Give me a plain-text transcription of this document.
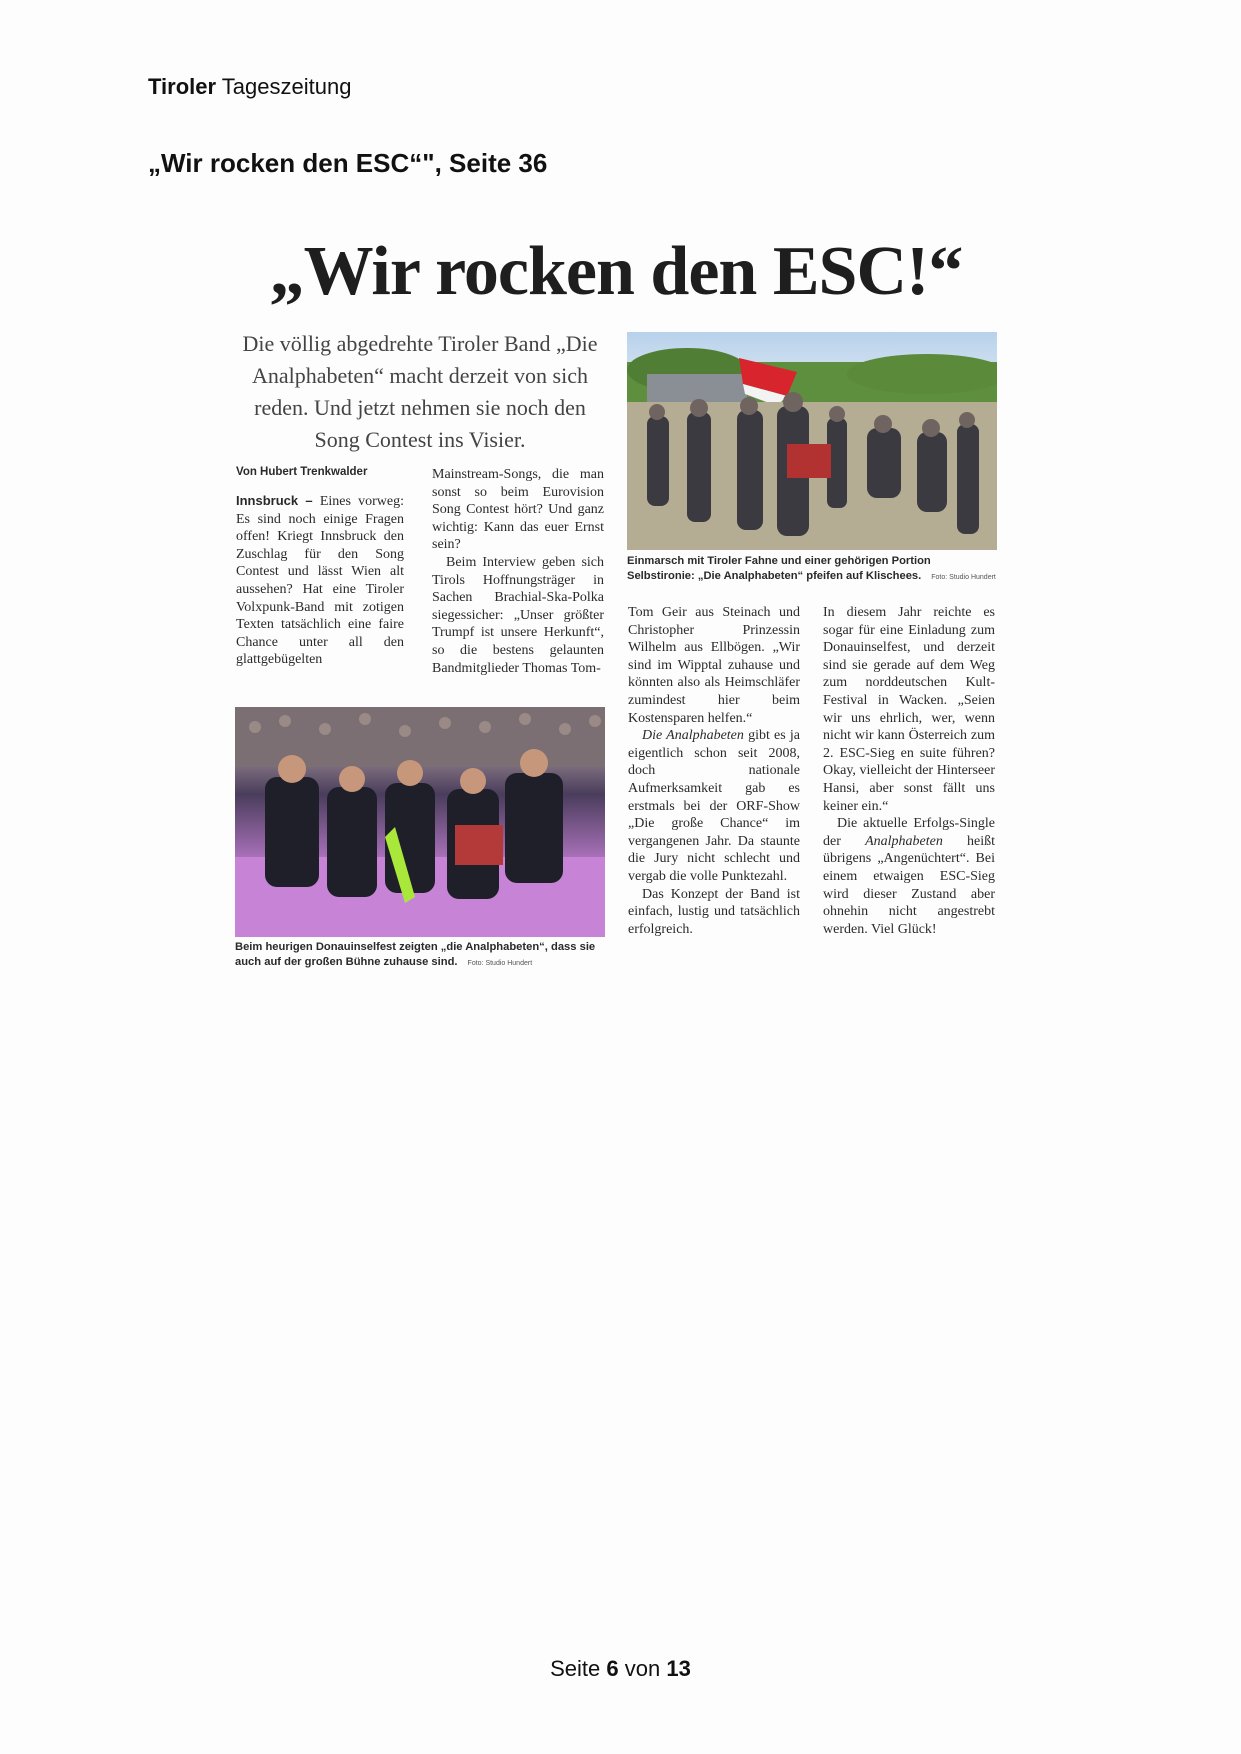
Tiroler Tageszeitung
„Wir rocken den ESC“", Seite 36
„Wir rocken den ESC!“
Die völlig abgedrehte Tiroler Band „Die Analphabeten“ macht derzeit von sich reden. Und jetzt nehmen sie noch den Song Contest ins Visier.
Einmarsch mit Tiroler Fahne und einer gehörigen Portion Selbstironie: „Die Analphabeten“ pfeifen auf Klischees. Foto: Studio Hundert
Von Hubert Trenkwalder

Innsbruck – Eines vorweg: Es sind noch einige Fragen offen! Kriegt Innsbruck den Zuschlag für den Song Contest und lässt Wien alt aussehen? Hat eine Tiroler Volxpunk-Band mit zotigen Texten tatsächlich eine faire Chance unter all den glattgebügelten

Mainstream-Songs, die man sonst so beim Eurovision Song Contest hört? Und ganz wichtig: Kann das euer Ernst sein?

Beim Interview geben sich Tirols Hoffnungsträger in Sachen Brachial-Ska-Polka siegessicher: „Unser größter Trumpf ist unsere Herkunft“, so die bestens gelaunten Bandmitglieder Thomas Tom-

Beim heurigen Donauinselfest zeigten „die Analphabeten“, dass sie auch auf der großen Bühne zuhause sind. Foto: Studio Hundert

Tom Geir aus Steinach und Christopher Prinzessin Wilhelm aus Ellbögen. „Wir sind im Wipptal zuhause und könnten also als Heimschläfer zumindest hier beim Kostensparen helfen.“

Die Analphabeten gibt es ja eigentlich schon seit 2008, doch nationale Aufmerksamkeit gab es erstmals bei der ORF-Show „Die große Chance“ im vergangenen Jahr. Da staunte die Jury nicht schlecht und vergab die volle Punktezahl.

Das Konzept der Band ist einfach, lustig und tatsächlich erfolgreich.

In diesem Jahr reichte es sogar für eine Einladung zum Donauinselfest, und derzeit sind sie gerade auf dem Weg zum norddeutschen Kult-Festival in Wacken. „Seien wir uns ehrlich, wer, wenn nicht wir kann Österreich zum 2. ESC-Sieg en suite führen? Okay, vielleicht der Hinterseer Hansi, aber sonst fällt uns keiner ein.“

Die aktuelle Erfolgs-Single der Analphabeten heißt übrigens „Angenüchtert“. Bei einem etwaigen ESC-Sieg wird dieser Zustand aber ohnehin nicht angestrebt werden. Viel Glück!

Seite 6 von 13
